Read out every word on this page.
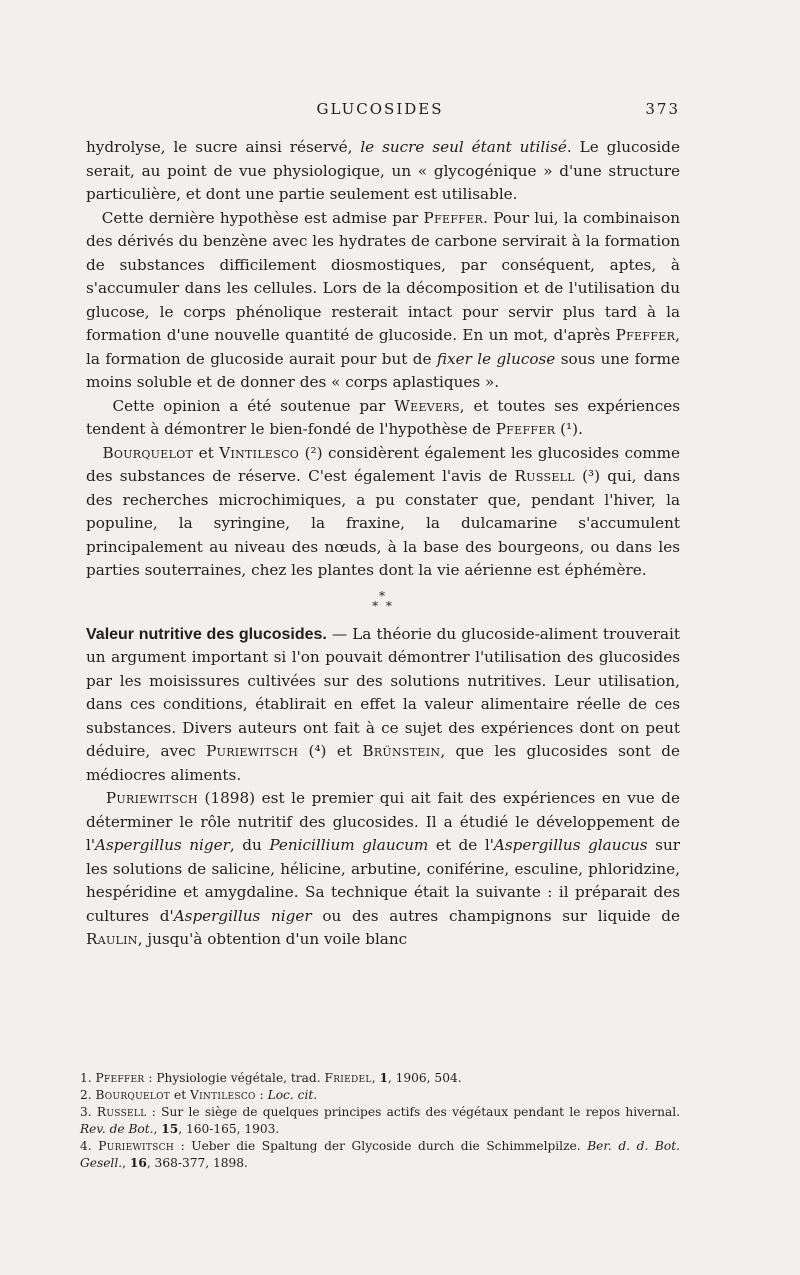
GLUCOSIDES	373

hydrolyse, le sucre ainsi réservé, le sucre seul étant utilisé. Le glucoside serait, au point de vue physiologique, un « glycogénique » d'une structure particulière, et dont une partie seulement est utilisable.

Cette dernière hypothèse est admise par Pfeffer. Pour lui, la combinaison des dérivés du benzène avec les hydrates de carbone servirait à la formation de substances difficilement diosmostiques, par conséquent, aptes, à s'accumuler dans les cellules. Lors de la décomposition et de l'utilisation du glucose, le corps phénolique resterait intact pour servir plus tard à la formation d'une nouvelle quantité de glucoside. En un mot, d'après Pfeffer, la formation de glucoside aurait pour but de fixer le glucose sous une forme moins soluble et de donner des « corps aplastiques ».

Cette opinion a été soutenue par Weevers, et toutes ses expériences tendent à démontrer le bien-fondé de l'hypothèse de Pfeffer (¹).

Bourquelot et Vintilesco (²) considèrent également les glucosides comme des substances de réserve. C'est également l'avis de Russell (³) qui, dans des recherches microchimiques, a pu constater que, pendant l'hiver, la populine, la syringine, la fraxine, la dulcamarine s'accumulent principalement au niveau des nœuds, à la base des bourgeons, ou dans les parties souterraines, chez les plantes dont la vie aérienne est éphémère.

*
* *

Valeur nutritive des glucosides. — La théorie du glucoside-aliment trouverait un argument important si l'on pouvait démontrer l'utilisation des glucosides par les moisissures cultivées sur des solutions nutritives. Leur utilisation, dans ces conditions, établirait en effet la valeur alimentaire réelle de ces substances. Divers auteurs ont fait à ce sujet des expériences dont on peut déduire, avec Puriewitsch (⁴) et Brünstein, que les glucosides sont de médiocres aliments.

Puriewitsch (1898) est le premier qui ait fait des expériences en vue de déterminer le rôle nutritif des glucosides. Il a étudié le développement de l'Aspergillus niger, du Penicillium glaucum et de l'Aspergillus glaucus sur les solutions de salicine, hélicine, arbutine, coniférine, esculine, phloridzine, hespéridine et amygdaline. Sa technique était la suivante : il préparait des cultures d'Aspergillus niger ou des autres champignons sur liquide de Raulin, jusqu'à obtention d'un voile blanc

1. Pfeffer : Physiologie végétale, trad. Friedel, 1, 1906, 504.

2. Bourquelot et Vintilesco : Loc. cit.

3. Russell : Sur le siège de quelques principes actifs des végétaux pendant le repos hivernal. Rev. de Bot., 15, 160-165, 1903.

4. Puriewitsch : Ueber die Spaltung der Glycoside durch die Schimmelpilze. Ber. d. d. Bot. Gesell., 16, 368-377, 1898.
